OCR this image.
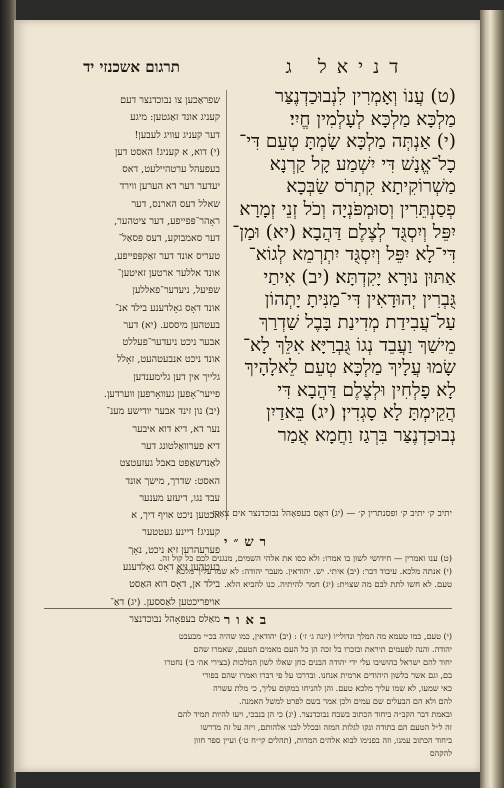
דניאל ג
תרגום אשכנזי יד
(ט) עֲנוֹ וְאָמְרִין לִנְבוּכַדְנֶצַּר
מַלְכָּא מַלְכָּא לְעָלְמִין חֱיִי׃
(י) אַנְתְּה מַלְכָּא שָׂמְתָּ טְעֵם דִּי־
כָל־אֱנָשׁ דִּי יִשְׁמַע קָל קַרְנָא
מַשְׁרוֹקִיתָא קִתְרֹס שַׂבְּכָא
פְסַנְתֵּרִין וְסוּמְפֹּנְיָה וְכֹל זְנֵי זְמָרָא
יִפֵּל וְיִסְגֻּד לְצֶלֶם דַּהֲבָא׃ (יא) וּמַן־
דִּי־לָא יִפֵּל וְיִסְגֻּד יִתְרְמֵא לְגוֹא־
אַתּוּן נוּרָא יָקִדְתָּא׃ (יב) אִיתַי
גֻּבְרִין יְהוּדָאִין דִּי־מַנִּיתָ יָתְהוֹן
עַל־עֲבִידַת מְדִינַת בָּבֶל שַׁדְרַךְ
מֵישַׁךְ וַעֲבֵד נְגוֹ גֻּבְרַיָּא אִלֵּךְ לָא־
שָׂמוּ עֲלָיךְ מַלְכָּא טְעֵם לֵאלָהָיךְ
לָא פָלְחִין וּלְצֶלֶם דַּהֲבָא דִּי
הֲקֵימְתָּ לָא סָגְדִין׃ (יג) בֵּאדַיִן
נְבוּכַדְנֶצַּר בִּרְגַז וַחֲמָא אֲמַר
שפראַכען צו נבוכדנצר דעם
קעניג אונד זאַגטען: מיגע
דער קעניג עוויג לעבען!
(י) דוא, א קעניג! האסט דען
בעפעהל ערטהיילעט, דאס
יעדער דער דא הערען ווירד
שאלל דעס הארנס, דער
ראָהר־פּפייפע, דער ציטהער,
דער סאמבוקע, דעס פּסאַל־
טעריס אונד דער זאַקפּפייפע,
אונד אללער ארטען זאיטען־
שפּיעל, ניעדער־פאללען
אונד דאָס גאָלדענע בילד אנ־
בעטהען מיססע. (יא) דער
אבער ניכט ניעדער־פעללט
אונד ניכט אנבעטהעט, זאָלל
גלייך אין דען גלימענדען
פייער־אָפען געוואָרפען ווערדען.
(יב) נון זינד אבער יודישע מענ־
נער דא, דיא דוא איבער
דיא פערוואַלטונג דער
לאַנדשאַפט באבל געזעטצט
האסט: שדרך, מישך אונד
עבד נגו, דיעזע מענער
אכטען ניכט אויף דיך, א
קעניג! דיינע געטטער
פערעהרען זיא ניכט, נאָך
בעטהען זיא דאָס גאָלדענע
בילד אן, דאָס דוא הּאַסט
אויפריכטען לאַססען. (יג) דאַ־
מאַלס בעפאָהל נבוכדנצר
יתיב ק׳ יתיב ק׳ ופסנתרין ק׳ — (יג) דאָס בעפאָהל נבוכדנצר אים צאָרן
רש״י
(ט) ענו ואמרין — חידושי לשון בו אמרו: ולא כסו את אלהי השמים, מנגנים לכם כל קול זה.
(י) אנתה מלכא. עיבוד דבר: (יב) איתי. יש. יהודאין. מעבר יהודה: לא שמו עליך מלכא
טעם. לא חשו לתת לבם מה שצוית: (יג) חמר להיתיה. כנו להביא הלא.
באור
(י) טעם, כמו טעמא מה המלך ונדולייו (יונה ג׳ ז׳) : (יב) יהודאין, כמו שהיה בכ״י מבעבט
יהודה. והנה לפעמים תיראת ובזכרו בל זכה הן כל העם מאמים הטעם, שאמרו שהם
יחוד להם ישראל כהושיבו עלי ידי יהודה הבנים כחן שאלו לשון המלכות (בצירי אה׳ ב׳) נחטרו
בם, וגם אשר בלשון היהודים ארמית אנחנו. ובדרכו על פי דברו ואמרו שהם בפורי
כאי שמעו, לא שמו עליך מלכא טעם. והן להניחו במקום עליך, כי מלת עשרה
להם ולא הם הבעלים שם עמים ולכן אמר בשם לפרט למשל האמנה.
ובאמת דבר הקב״ה ביחוד הכתוב בשבח נבוכדנצר. (יג) כי הן בנבכי, ויעז להיות תמיד להם
זה ל״ל הטעם הם בתודה ונקו לגלות המזה ובכלל לבני אלהותם, ויזה על זה מדרשו
ביחוד הכתוב עמנו, וזה בפנימו לבוא אלהים המדות, (תהלים קי״ח ט׳) ועיין ספר חזון
להקהס
